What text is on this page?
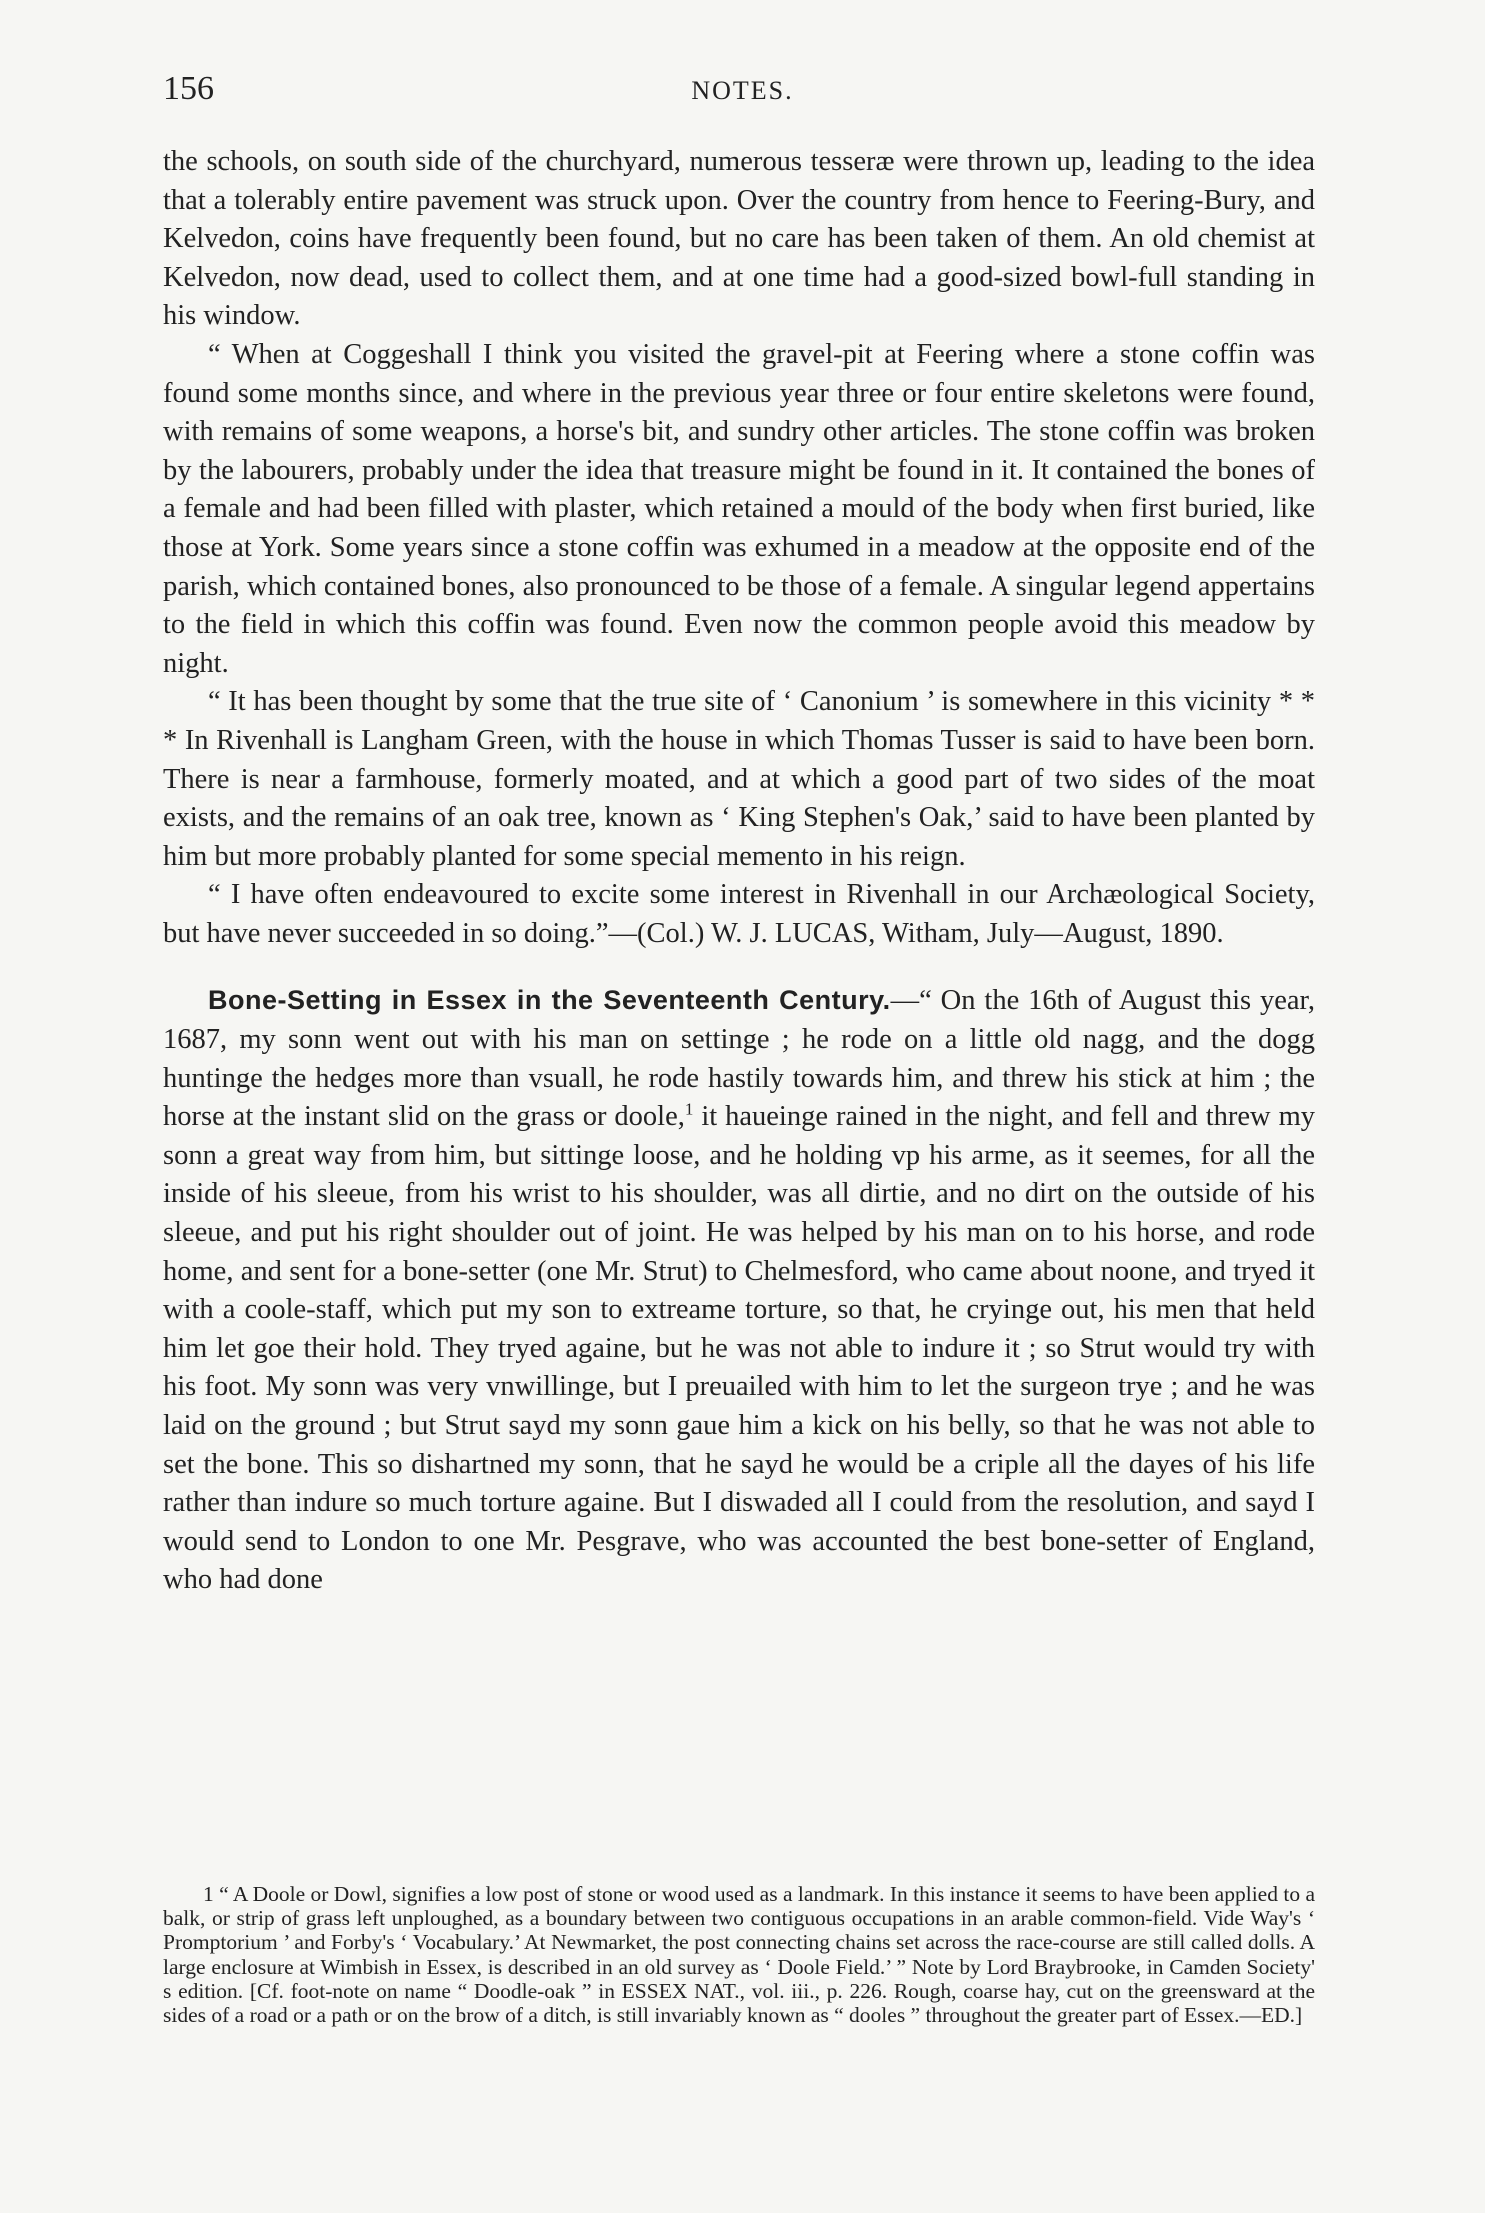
156	NOTES.

the schools, on south side of the churchyard, numerous tesseræ were thrown up, leading to the idea that a tolerably entire pavement was struck upon. Over the country from hence to Feering-Bury, and Kelvedon, coins have frequently been found, but no care has been taken of them. An old chemist at Kelvedon, now dead, used to collect them, and at one time had a good-sized bowl-full standing in his window.

“ When at Coggeshall I think you visited the gravel-pit at Feering where a stone coffin was found some months since, and where in the previous year three or four entire skeletons were found, with remains of some weapons, a horse's bit, and sundry other articles. The stone coffin was broken by the labourers, probably under the idea that treasure might be found in it. It contained the bones of a female and had been filled with plaster, which retained a mould of the body when first buried, like those at York. Some years since a stone coffin was exhumed in a meadow at the opposite end of the parish, which contained bones, also pronounced to be those of a female. A singular legend appertains to the field in which this coffin was found. Even now the common people avoid this meadow by night.

“ It has been thought by some that the true site of ‘ Canonium ’ is somewhere in this vicinity * * * In Rivenhall is Langham Green, with the house in which Thomas Tusser is said to have been born. There is near a farmhouse, formerly moated, and at which a good part of two sides of the moat exists, and the remains of an oak tree, known as ‘ King Stephen's Oak,’ said to have been planted by him but more probably planted for some special memento in his reign.

“ I have often endeavoured to excite some interest in Rivenhall in our Archæological Society, but have never succeeded in so doing.”—(Col.) W. J. LUCAS, Witham, July—August, 1890.

Bone-Setting in Essex in the Seventeenth Century.—“ On the 16th of August this year, 1687, my sonn went out with his man on settinge ; he rode on a little old nagg, and the dogg huntinge the hedges more than vsuall, he rode hastily towards him, and threw his stick at him ; the horse at the instant slid on the grass or doole,$^1$ it haueinge rained in the night, and fell and threw my sonn a great way from him, but sittinge loose, and he holding vp his arme, as it seemes, for all the inside of his sleeue, from his wrist to his shoulder, was all dirtie, and no dirt on the outside of his sleeue, and put his right shoulder out of joint. He was helped by his man on to his horse, and rode home, and sent for a bone-setter (one Mr. Strut) to Chelmesford, who came about noone, and tryed it with a coole-staff, which put my son to extreame torture, so that, he cryinge out, his men that held him let goe their hold. They tryed againe, but he was not able to indure it ; so Strut would try with his foot. My sonn was very vnwillinge, but I preuailed with him to let the surgeon trye ; and he was laid on the ground ; but Strut sayd my sonn gaue him a kick on his belly, so that he was not able to set the bone. This so dishartned my sonn, that he sayd he would be a criple all the dayes of his life rather than indure so much torture againe. But I diswaded all I could from the resolution, and sayd I would send to London to one Mr. Pesgrave, who was accounted the best bone-setter of England, who had done

1 “ A Doole or Dowl, signifies a low post of stone or wood used as a landmark. In this instance it seems to have been applied to a balk, or strip of grass left unploughed, as a boundary between two contiguous occupations in an arable common-field. Vide Way's ‘ Promptorium ’ and Forby's ‘ Vocabulary.’ At Newmarket, the post connecting chains set across the race-course are still called dolls. A large enclosure at Wimbish in Essex, is described in an old survey as ‘ Doole Field.’ ” Note by Lord Braybrooke, in Camden Society' s edition. [Cf. foot-note on name “ Doodle-oak ” in ESSEX NAT., vol. iii., p. 226. Rough, coarse hay, cut on the greensward at the sides of a road or a path or on the brow of a ditch, is still invariably known as “ dooles ” throughout the greater part of Essex.—ED.]
